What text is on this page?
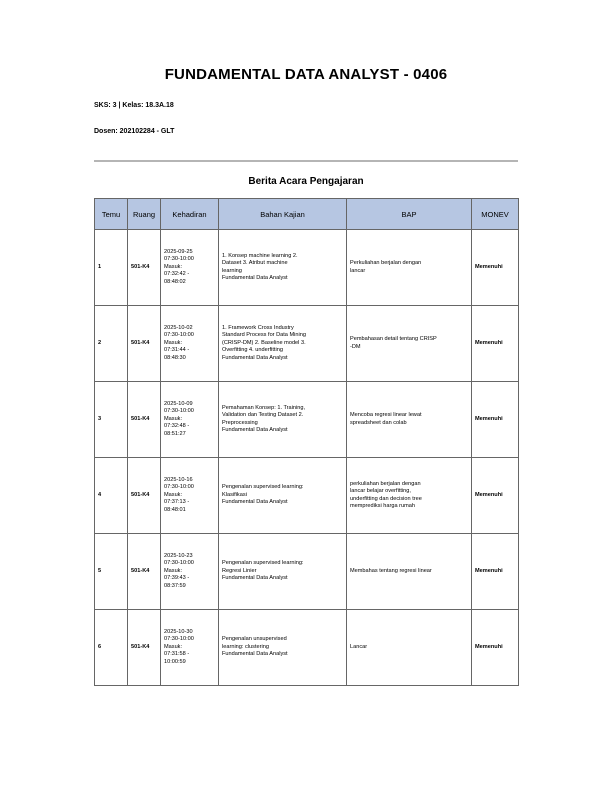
FUNDAMENTAL DATA ANALYST - 0406
SKS: 3 | Kelas: 18.3A.18
Dosen: 202102284 - GLT
Berita Acara Pengajaran
Temu	Ruang	Kehadiran	Bahan Kajian	BAP	MONEV
1	501-K4	2025-09-25
07:30-10:00
Masuk:
07:32:42 -
08:48:02	1. Konsep machine learning 2.
Dataset 3. Atribut machine
learning
Fundamental Data Analyst	Perkuliahan berjalan dengan
lancar	Memenuhi
2	501-K4	2025-10-02
07:30-10:00
Masuk:
07:31:44 -
08:48:30	1. Framework Cross Industry
Standard Process for Data Mining
(CRISP-DM) 2. Baseline model 3.
Overfitting 4. underfitting
Fundamental Data Analyst	Pembahasan detail tentang CRISP
-DM	Memenuhi
3	501-K4	2025-10-09
07:30-10:00
Masuk:
07:32:48 -
08:51:27	Pemahaman Konsep: 1. Training,
Validation dan Testing Dataset 2.
Preprocessing
Fundamental Data Analyst	Mencoba regresi linear lewat
spreadsheet dan colab	Memenuhi
4	501-K4	2025-10-16
07:30-10:00
Masuk:
07:37:13 -
08:48:01	Pengenalan supervised learning:
Klasifikasi
Fundamental Data Analyst	perkuliahan berjalan dengan
lancar belajar overfitting,
underfitting dan decision tree
memprediksi harga rumah	Memenuhi
5	501-K4	2025-10-23
07:30-10:00
Masuk:
07:39:43 -
08:37:59	Pengenalan supervised learning:
Regresi Linier
Fundamental Data Analyst	Membahas tentang regresi linear	Memenuhi
6	501-K4	2025-10-30
07:30-10:00
Masuk:
07:31:58 -
10:00:59	Pengenalan unsupervised
learning: clustering
Fundamental Data Analyst	Lancar	Memenuhi
